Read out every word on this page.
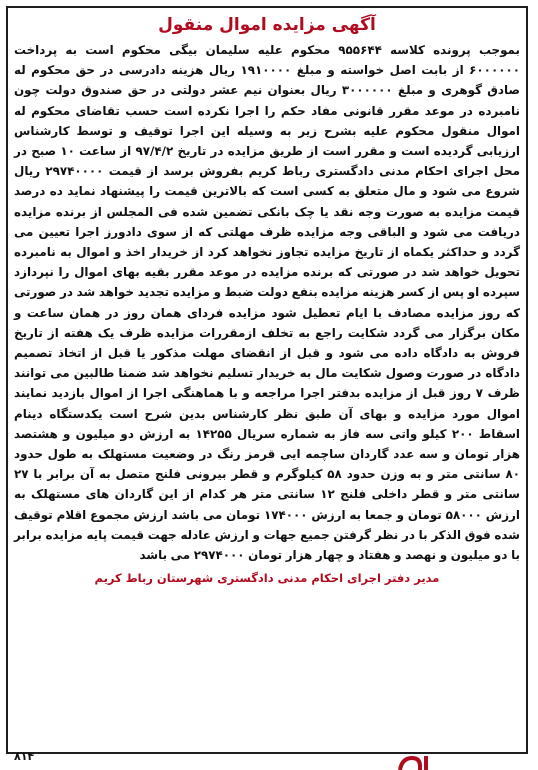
آگهی مزایده اموال منقول
بموجب پرونده کلاسه ۹۵۵۶۴۴ محکوم علیه سلیمان بیگی محکوم است به پرداخت ۶۰۰۰۰۰۰ از بابت اصل خواسته و مبلغ ۱۹۱۰۰۰۰ ریال هزینه دادرسی در حق محکوم له صادق گوهری و مبلغ ۳۰۰۰۰۰۰ ریال بعنوان نیم عشر دولتی در حق صندوق دولت چون نامبرده در موعد مقرر قانونی مفاد حکم را اجرا نکرده است حسب تقاضای محکوم له اموال منقول محکوم علیه بشرح زیر به وسیله این اجرا توقیف و توسط کارشناس ارزیابی گردیده است و مقرر است از طریق مزایده در تاریخ ۹۷/۴/۲ از ساعت ۱۰ صبح در محل اجرای احکام مدنی دادگستری رباط کریم بفروش برسد از قیمت ۲۹۷۴۰۰۰۰ ریال شروع می شود و مال متعلق به کسی است که بالاترین قیمت را پیشنهاد نماید ده درصد قیمت مزایده به صورت وجه نقد یا چک بانکی تضمین شده فی المجلس از برنده مزایده دریافت می شود و الباقی وجه مزایده ظرف مهلتی که از سوی دادورز اجرا تعیین می گردد و حداکثر یکماه از تاریخ مزایده تجاوز نخواهد کرد از خریدار اخذ و اموال به نامبرده تحویل خواهد شد در صورتی که برنده مزایده در موعد مقرر بقیه بهای اموال را نپردازد سپرده او پس از کسر هزینه مزایده بنفع دولت ضبط و مزایده تجدید خواهد شد در صورتی که روز مزایده مصادف با ایام تعطیل شود مزایده فردای همان روز در همان ساعت و مکان برگزار می گردد شکایت راجع به تخلف ازمقررات مزایده ظرف یک هفته از تاریخ فروش به دادگاه داده می شود و قبل از انقضای مهلت مذکور یا قبل از اتخاذ تصمیم دادگاه در صورت وصول شکایت مال به خریدار تسلیم نخواهد شد ضمنا طالبین می توانند ظرف ۷ روز قبل از مزایده بدفتر اجرا مراجعه و با هماهنگی اجرا از اموال بازدید نمایند اموال مورد مزایده و بهای آن طبق نظر کارشناس بدین شرح است یکدستگاه دینام اسقاط ۲۰۰ کیلو واتی سه فاز به شماره سریال ۱۴۲۵۵ به ارزش دو میلیون و هشتصد هزار تومان و سه عدد گاردان ساچمه ایی قرمز رنگ در وضعیت مستهلک به طول حدود ۸۰ سانتی متر و به وزن حدود ۵۸ کیلوگرم و قطر بیرونی فلنج متصل به آن برابر با ۲۷ سانتی متر و قطر داخلی فلنج ۱۲ سانتی متر هر کدام از این گاردان های مستهلک به ارزش ۵۸۰۰۰ تومان و جمعا به ارزش ۱۷۴۰۰۰ تومان می باشد ارزش مجموع اقلام توقیف شده فوق الذکر با در نظر گرفتن جمیع جهات و ارزش عادله جهت قیمت پایه مزایده برابر با دو میلیون و نهصد و هفتاد و چهار هزار تومان ۲۹۷۴۰۰۰ می باشد
مدیر دفتر اجرای احکام مدنی دادگستری شهرستان رباط کریم
۸۱۴
